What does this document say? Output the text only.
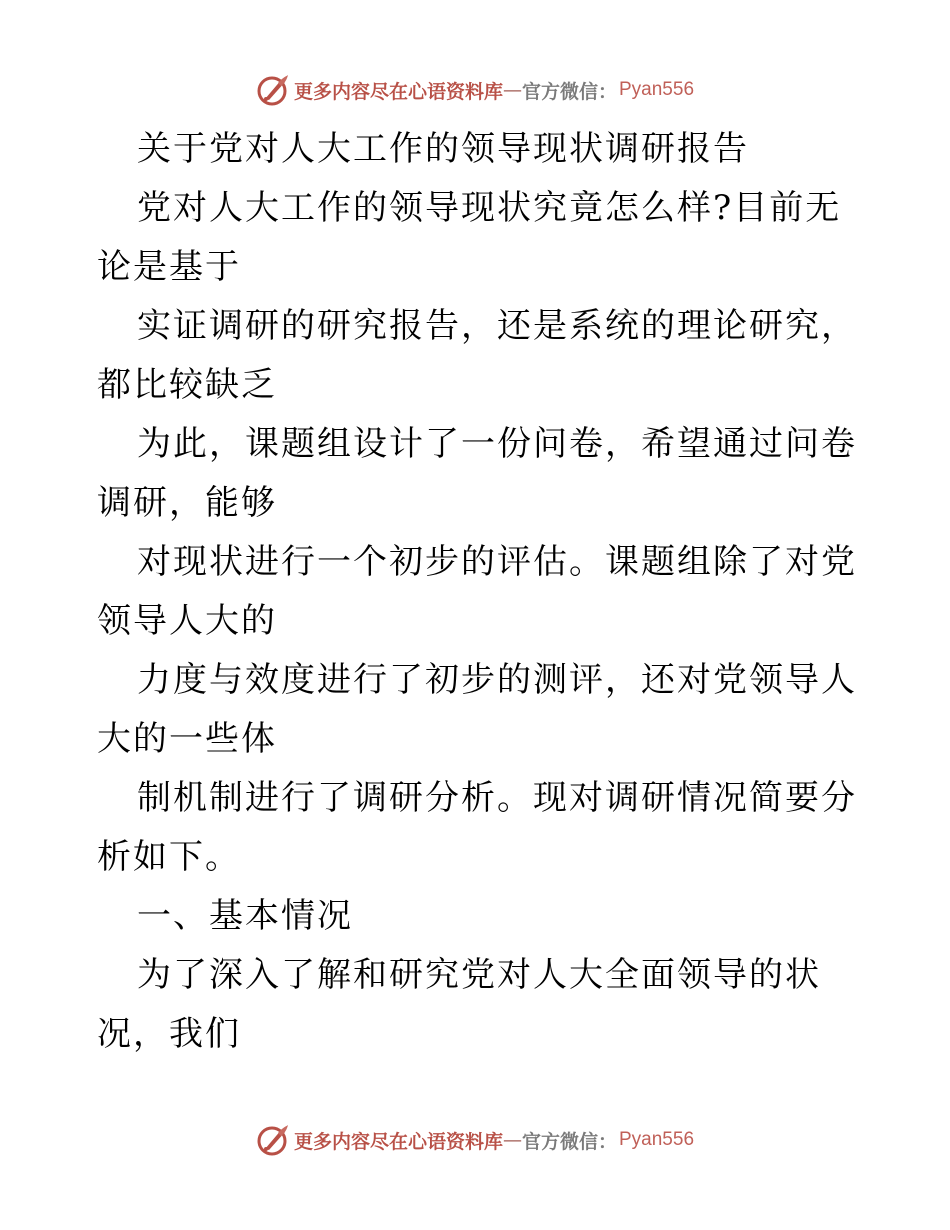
更多内容尽在心语资料库 — 官方微信： Pyan556

关于党对人大工作的领导现状调研报告

党对人大工作的领导现状究竟怎么样?目前无论是基于

实证调研的研究报告，还是系统的理论研究，都比较缺乏

为此，课题组设计了一份问卷，希望通过问卷调研，能够

对现状进行一个初步的评估。课题组除了对党领导人大的

力度与效度进行了初步的测评，还对党领导人大的一些体

制机制进行了调研分析。现对调研情况简要分析如下。

一、基本情况

为了深入了解和研究党对人大全面领导的状况，我们

更多内容尽在心语资料库 — 官方微信： Pyan556
